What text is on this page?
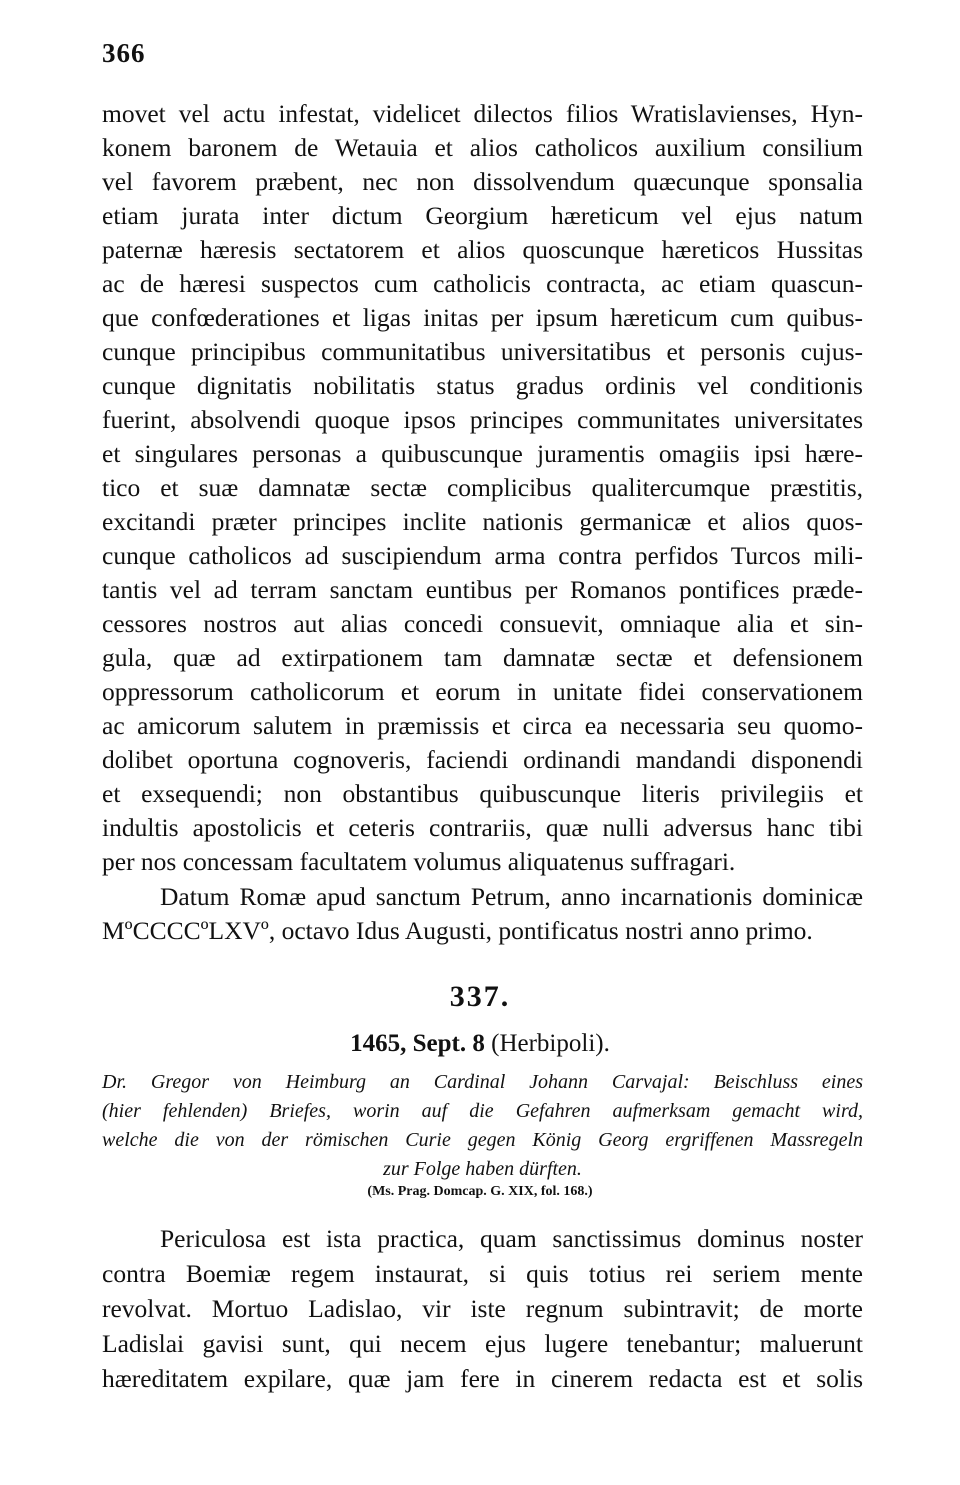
366
movet vel actu infestat, videlicet dilectos filios Wratislavienses, Hyn-
konem baronem de Wetauia et alios catholicos auxilium consilium
vel favorem præbent, nec non dissolvendum quæcunque sponsalia
etiam jurata inter dictum Georgium hæreticum vel ejus natum
paternæ hæresis sectatorem et alios quoscunque hæreticos Hussitas
ac de hæresi suspectos cum catholicis contracta, ac etiam quascun-
que confœderationes et ligas initas per ipsum hæreticum cum quibus-
cunque principibus communitatibus universitatibus et personis cujus-
cunque dignitatis nobilitatis status gradus ordinis vel conditionis
fuerint, absolvendi quoque ipsos principes communitates universitates
et singulares personas a quibuscunque juramentis omagiis ipsi hære-
tico et suæ damnatæ sectæ complicibus qualitercumque præstitis,
excitandi præter principes inclite nationis germanicæ et alios quos-
cunque catholicos ad suscipiendum arma contra perfidos Turcos mili-
tantis vel ad terram sanctam euntibus per Romanos pontifices præde-
cessores nostros aut alias concedi consuevit, omniaque alia et sin-
gula, quæ ad extirpationem tam damnatæ sectæ et defensionem
oppressorum catholicorum et eorum in unitate fidei conservationem
ac amicorum salutem in præmissis et circa ea necessaria seu quomo-
dolibet oportuna cognoveris, faciendi ordinandi mandandi disponendi
et exsequendi; non obstantibus quibuscunque literis privilegiis et
indultis apostolicis et ceteris contrariis, quæ nulli adversus hanc tibi
per nos concessam facultatem volumus aliquatenus suffragari.
Datum Romæ apud sanctum Petrum, anno incarnationis dominicæ
MºCCCCºLXVº, octavo Idus Augusti, pontificatus nostri anno primo.
337.
1465, Sept. 8 (Herbipoli).
Dr. Gregor von Heimburg an Cardinal Johann Carvajal: Beischluss eines
(hier fehlenden) Briefes, worin auf die Gefahren aufmerksam gemacht wird,
welche die von der römischen Curie gegen König Georg ergriffenen Massregeln
zur Folge haben dürften.
(Ms. Prag. Domcap. G. XIX, fol. 168.)
Periculosa est ista practica, quam sanctissimus dominus noster
contra Boemiæ regem instaurat, si quis totius rei seriem mente
revolvat. Mortuo Ladislao, vir iste regnum subintravit; de morte
Ladislai gavisi sunt, qui necem ejus lugere tenebantur; maluerunt
hæreditatem expilare, quæ jam fere in cinerem redacta est et solis
